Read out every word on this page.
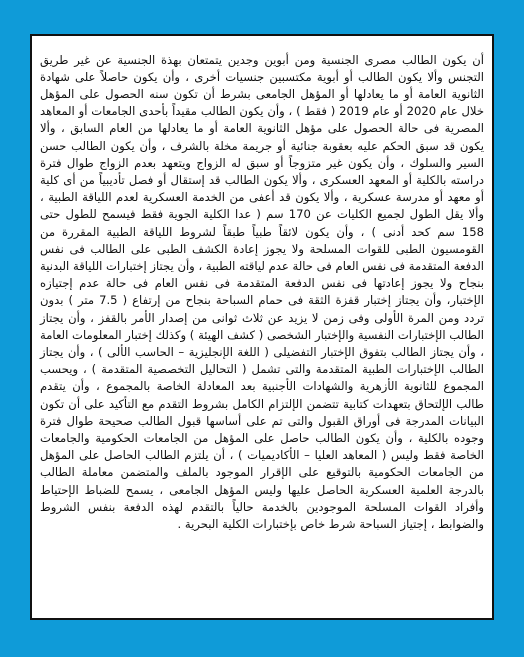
أن يكون الطالب مصرى الجنسية ومن أبوين وجدين يتمتعان بهذة الجنسية عن غير طريق التجنس وألا يكون الطالب أو أبوية مكتسبين جنسيات أخرى ، وأن يكون حاصلاً على شهادة الثانوية العامة أو ما يعادلها أو المؤهل الجامعى بشرط أن تكون سنه الحصول على المؤهل خلال عام 2020 أو عام 2019 ( فقط ) ، وأن يكون الطالب مقيداً بأحدى الجامعات أو المعاهد المصرية فى حالة الحصول على مؤهل الثانوية العامة أو ما يعادلها من العام السابق ، وألا يكون قد سبق الحكم عليه بعقوبة جنائية أو جريمة مخلة بالشرف ، وأن يكون الطالب حسن السير والسلوك ، وأن يكون غير متزوجاً أو سبق له الزواج ويتعهد بعدم الزواج طوال فترة دراسته بالكلية أو المعهد العسكرى ، وألا يكون الطالب قد إستقال أو فصل تأديبياً من أى كلية أو معهد أو مدرسة عسكرية ، وألا يكون قد أعفى من الخدمة العسكرية لعدم اللياقة الطبية ، وألا يقل الطول لجميع الكليات عن 170 سم ( عدا الكلية الجوية فقط فيسمح للطول حتى 158 سم كحد أدنى ) ، وأن يكون لائقاً طبياً طبقاً لشروط اللياقة الطبية المقررة من القومسيون الطبى للقوات المسلحة ولا يجوز إعادة الكشف الطبى على الطالب فى نفس الدفعة المتقدمة فى نفس العام فى حالة عدم لياقته الطبية ، وأن يجتاز إختبارات اللياقة البدنية بنجاح ولا يجوز إعادتها فى نفس الدفعة المتقدمة فى نفس العام فى حالة عدم إجتيازه الإختبار، وأن يجتاز إختبار قفزة الثقة فى حمام السباحة بنجاح من إرتفاع ( 7.5 متر ) بدون تردد ومن المرة الأولى وفى زمن لا يزيد عن ثلاث ثوانى من إصدار الأمر بالقفز ، وأن يجتاز الطالب الإختبارات النفسية والإختبار الشخصى ( كشف الهيئة ) وكذلك إختبار المعلومات العامة ، وأن يجتاز الطالب بتفوق الإختبار التفضيلى ( اللغة الإنجليزية – الحاسب الألى ) ، وأن يجتاز الطالب الإختبارات الطبية المتقدمة والتى تشمل ( التحاليل التخصصية المتقدمة ) ، ويحسب المجموع للثانوية الأزهرية والشهادات الأجنبية بعد المعادلة الخاصة بالمجموع ، وأن يتقدم طالب الإلتحاق بتعهدات كتابية تتضمن الإلتزام الكامل بشروط التقدم مع التأكيد على أن تكون البيانات المدرجة فى أوراق القبول والتى تم على أساسها قبول الطالب صحيحة طوال فترة وجوده بالكلية ، وأن يكون الطالب حاصل على المؤهل من الجامعات الحكومية والجامعات الخاصة فقط وليس ( المعاهد العليا – الأكاديميات ) ، أن يلتزم الطالب الحاصل على المؤهل من الجامعات الحكومية بالتوقيع على الإقرار الموجود بالملف والمتضمن معاملة الطالب بالدرجة العلمية العسكرية الحاصل عليها وليس المؤهل الجامعى ، يسمح للضباط الإحتياط وأفراد القوات المسلحة الموجودين بالخدمة حالياً بالتقدم لهذه الدفعة بنفس الشروط والضوابط ، إجتياز السباحة شرط خاص بإختبارات الكلية البحرية .
